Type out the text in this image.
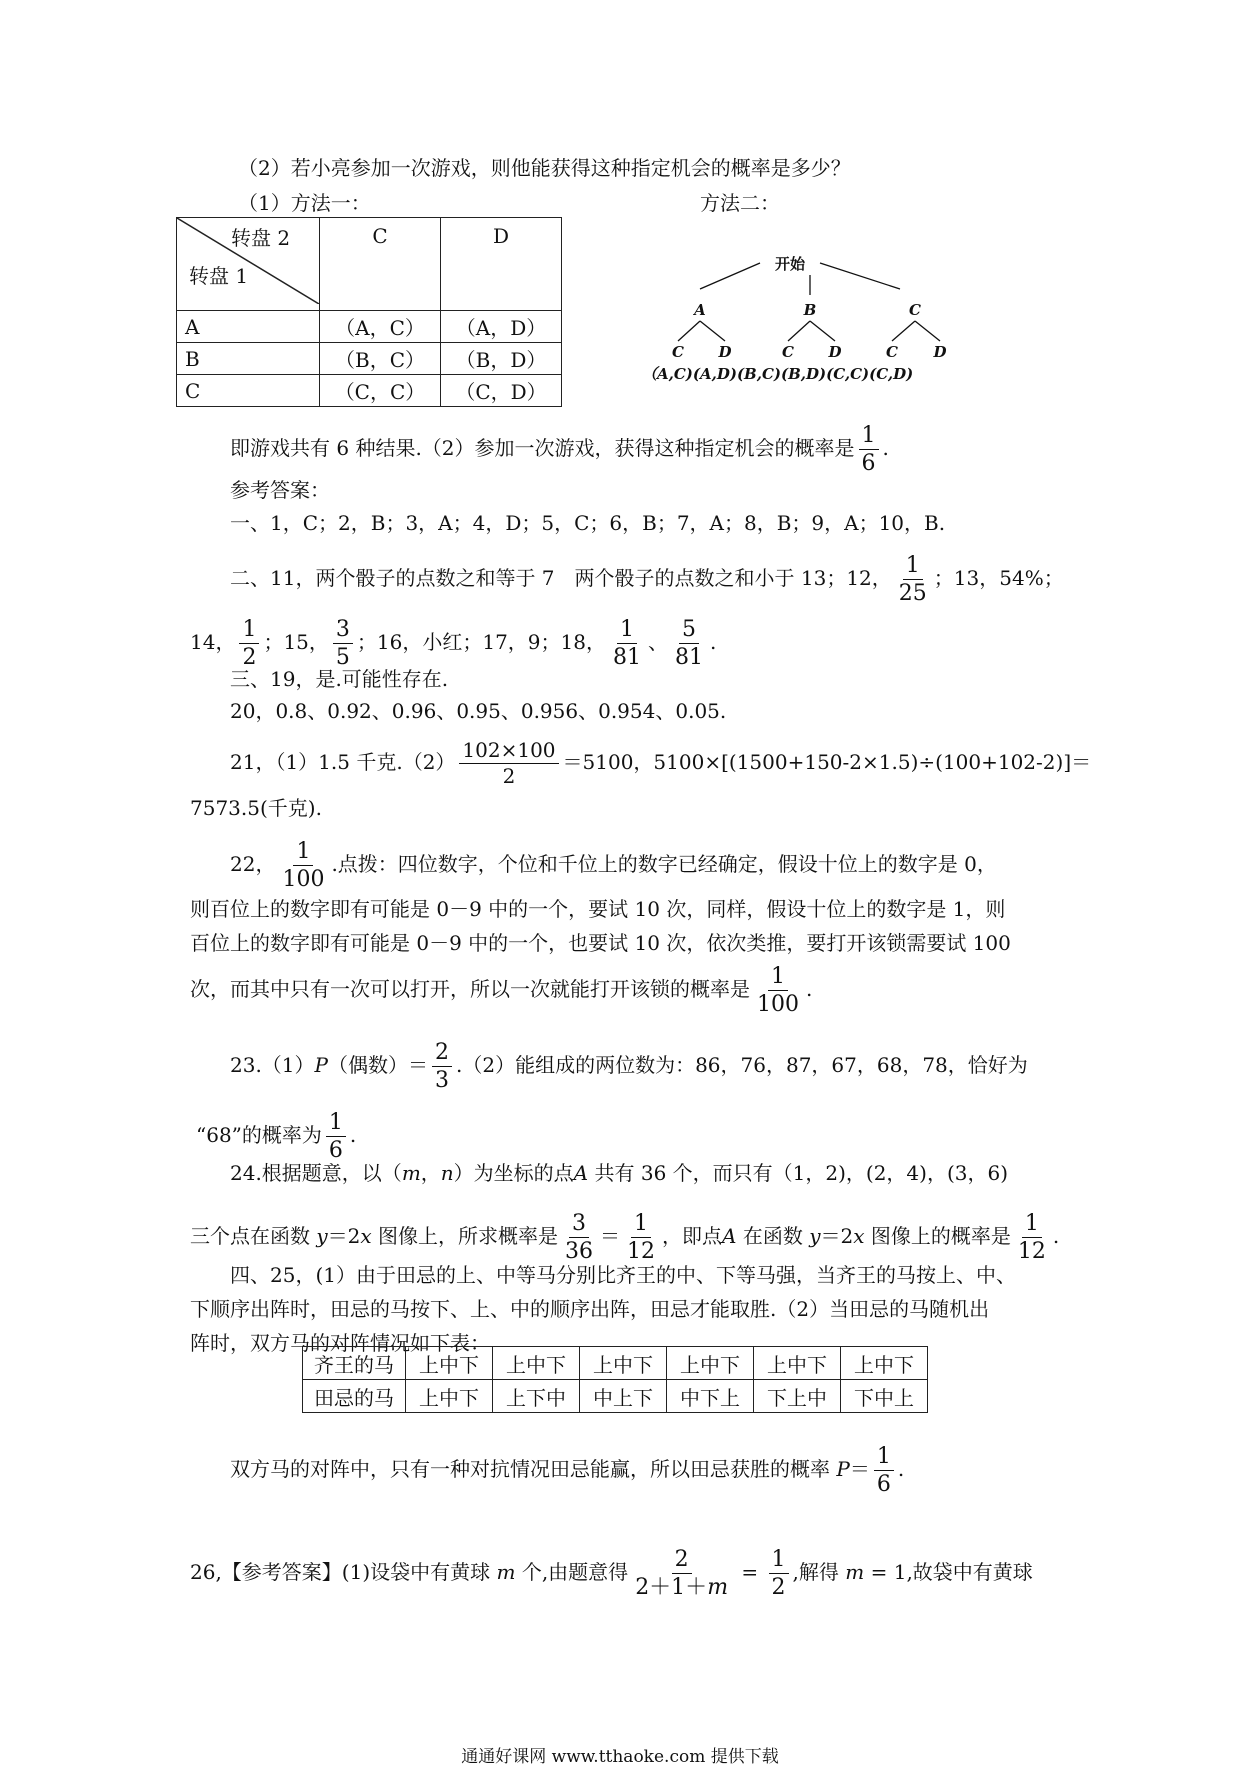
（2）若小亮参加一次游戏，则他能获得这种指定机会的概率是多少？
（1）方法一：	方法二：
转盘 2
转盘 1	C	D
A	（A，C）	（A，D）
B	（B，C）	（B，D）
C	（C，C）	（C，D）
开始
A	B	C
C D	C D	C D
（A,C)(A,D)(B,C)(B,D)(C,C)(C,D)
即游戏共有 6 种结果.（2）参加一次游戏，获得这种指定机会的概率是 $\frac{1}{6}$ .
参考答案：
一、1，C；2，B；3，A；4，D；5，C；6，B；7，A；8，B；9，A；10，B.
二、11，两个骰子的点数之和等于 7　两个骰子的点数之和小于 13；12， $\frac{1}{25}$ ；13，54%；
14， $\frac{1}{2}$ ；15， $\frac{3}{5}$ ；16，小红；17，9；18， $\frac{1}{81}$ 、 $\frac{5}{81}$ .
三、19，是.可能性存在.
20，0.8、0.92、0.96、0.95、0.956、0.954、0.05.
21，（1）1.5 千克$.(2) \frac{102\times 100}{2} =5100$，5100×[(1500+150-2×1.5)÷(100+102-2)]＝
7573.5(千克).
22， $\frac{1}{100}$ .点拨：四位数字，个位和千位上的数字已经确定，假设十位上的数字是 0，
则百位上的数字即有可能是 0－9 中的一个，要试 10 次，同样，假设十位上的数字是 1，则
百位上的数字即有可能是 0－9 中的一个，也要试 10 次，依次类推，要打开该锁需要试 100
次，而其中只有一次可以打开，所以一次就能打开该锁的概率是 $\frac{1}{100}$ .
23.（1）P（偶数）＝ $\frac{2}{3} .(2)$能组成的两位数为：86，76，87，67，68，78，恰好为
“68”的概率为 $\frac{1}{6}$ .
24.根据题意，以（m，n）为坐标的点A 共有 36 个，而只有（1，2)，(2，4)，(3，6)
三个点在函数 y＝2x 图像上，所求概率是 $\frac{3}{36} = \frac{1}{12}$ ，即点A 在函数 y＝2x 图像上的概率是 $\frac{1}{12}$ .
四、25，(1）由于田忌的上、中等马分别比齐王的中、下等马强，当齐王的马按上、中、
下顺序出阵时，田忌的马按下、上、中的顺序出阵，田忌才能取胜.（2）当田忌的马随机出
阵时，双方马的对阵情况如下表：
齐王的马	上中下	上中下	上中下	上中下	上中下	上中下
田忌的马	上中下	上下中	中上下	中下上	下上中	下中上
双方马的对阵中，只有一种对抗情况田忌能赢，所以田忌获胜的概率 $P= \frac{1}{6}$ .
26,【参考答案】(1)设袋中有黄球 m 个,由题意得 $\frac{2}{2+1+m} = \frac{1}{2}$ ,解得 m = 1,故袋中有黄球
通通好课网 www.tthaoke.com 提供下载
